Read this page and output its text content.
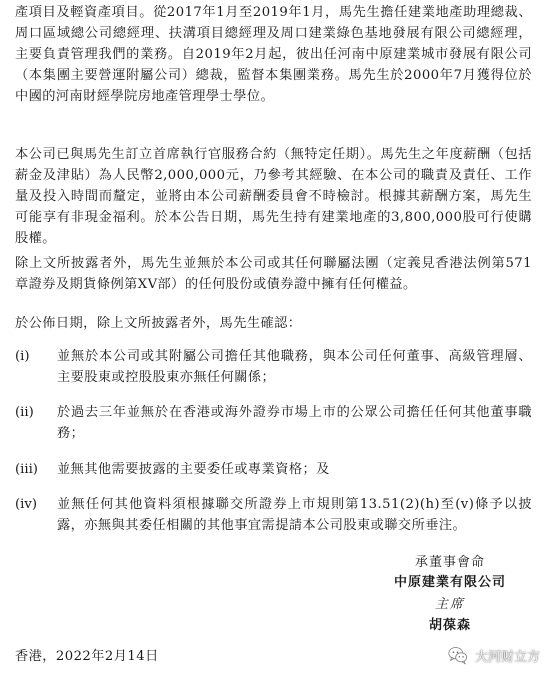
產項目及輕資產項目。從2017年1月至2019年1月，馬先生擔任建業地產助理總裁、周口區域總公司總經理、扶溝項目總經理及周口建業綠色基地發展有限公司總經理，主要負責管理我們的業務。自2019年2月起，彼出任河南中原建業城市發展有限公司（本集團主要營運附屬公司）總裁，監督本集團業務。馬先生於2000年7月獲得位於中國的河南財經學院房地產管理學士學位。

本公司已與馬先生訂立首席執行官服務合約（無特定任期）。馬先生之年度薪酬（包括薪金及津貼）為人民幣2,000,000元，乃參考其經驗、在本公司的職責及責任、工作量及投入時間而釐定，並將由本公司薪酬委員會不時檢討。根據其薪酬方案，馬先生可能享有非現金福利。於本公告日期，馬先生持有建業地產的3,800,000股可行使購股權。

除上文所披露者外，馬先生並無於本公司或其任何聯屬法團（定義見香港法例第571章證券及期貨條例第XV部）的任何股份或債券證中擁有任何權益。

於公佈日期，除上文所披露者外，馬先生確認：

(i)	並無於本公司或其附屬公司擔任其他職務，與本公司任何董事、高級管理層、主要股東或控股股東亦無任何關係；
(ii)	於過去三年並無於在香港或海外證券市場上市的公眾公司擔任任何其他董事職務；
(iii)	並無其他需要披露的主要委任或專業資格；及
(iv)	並無任何其他資料須根據聯交所證券上市規則第13.51(2)(h)至(v)條予以披露，亦無與其委任相關的其他事宜需提請本公司股東或聯交所垂注。
承董事會命
中原建業有限公司
主席
胡葆森
香港，2022年2月14日	大河财立方
